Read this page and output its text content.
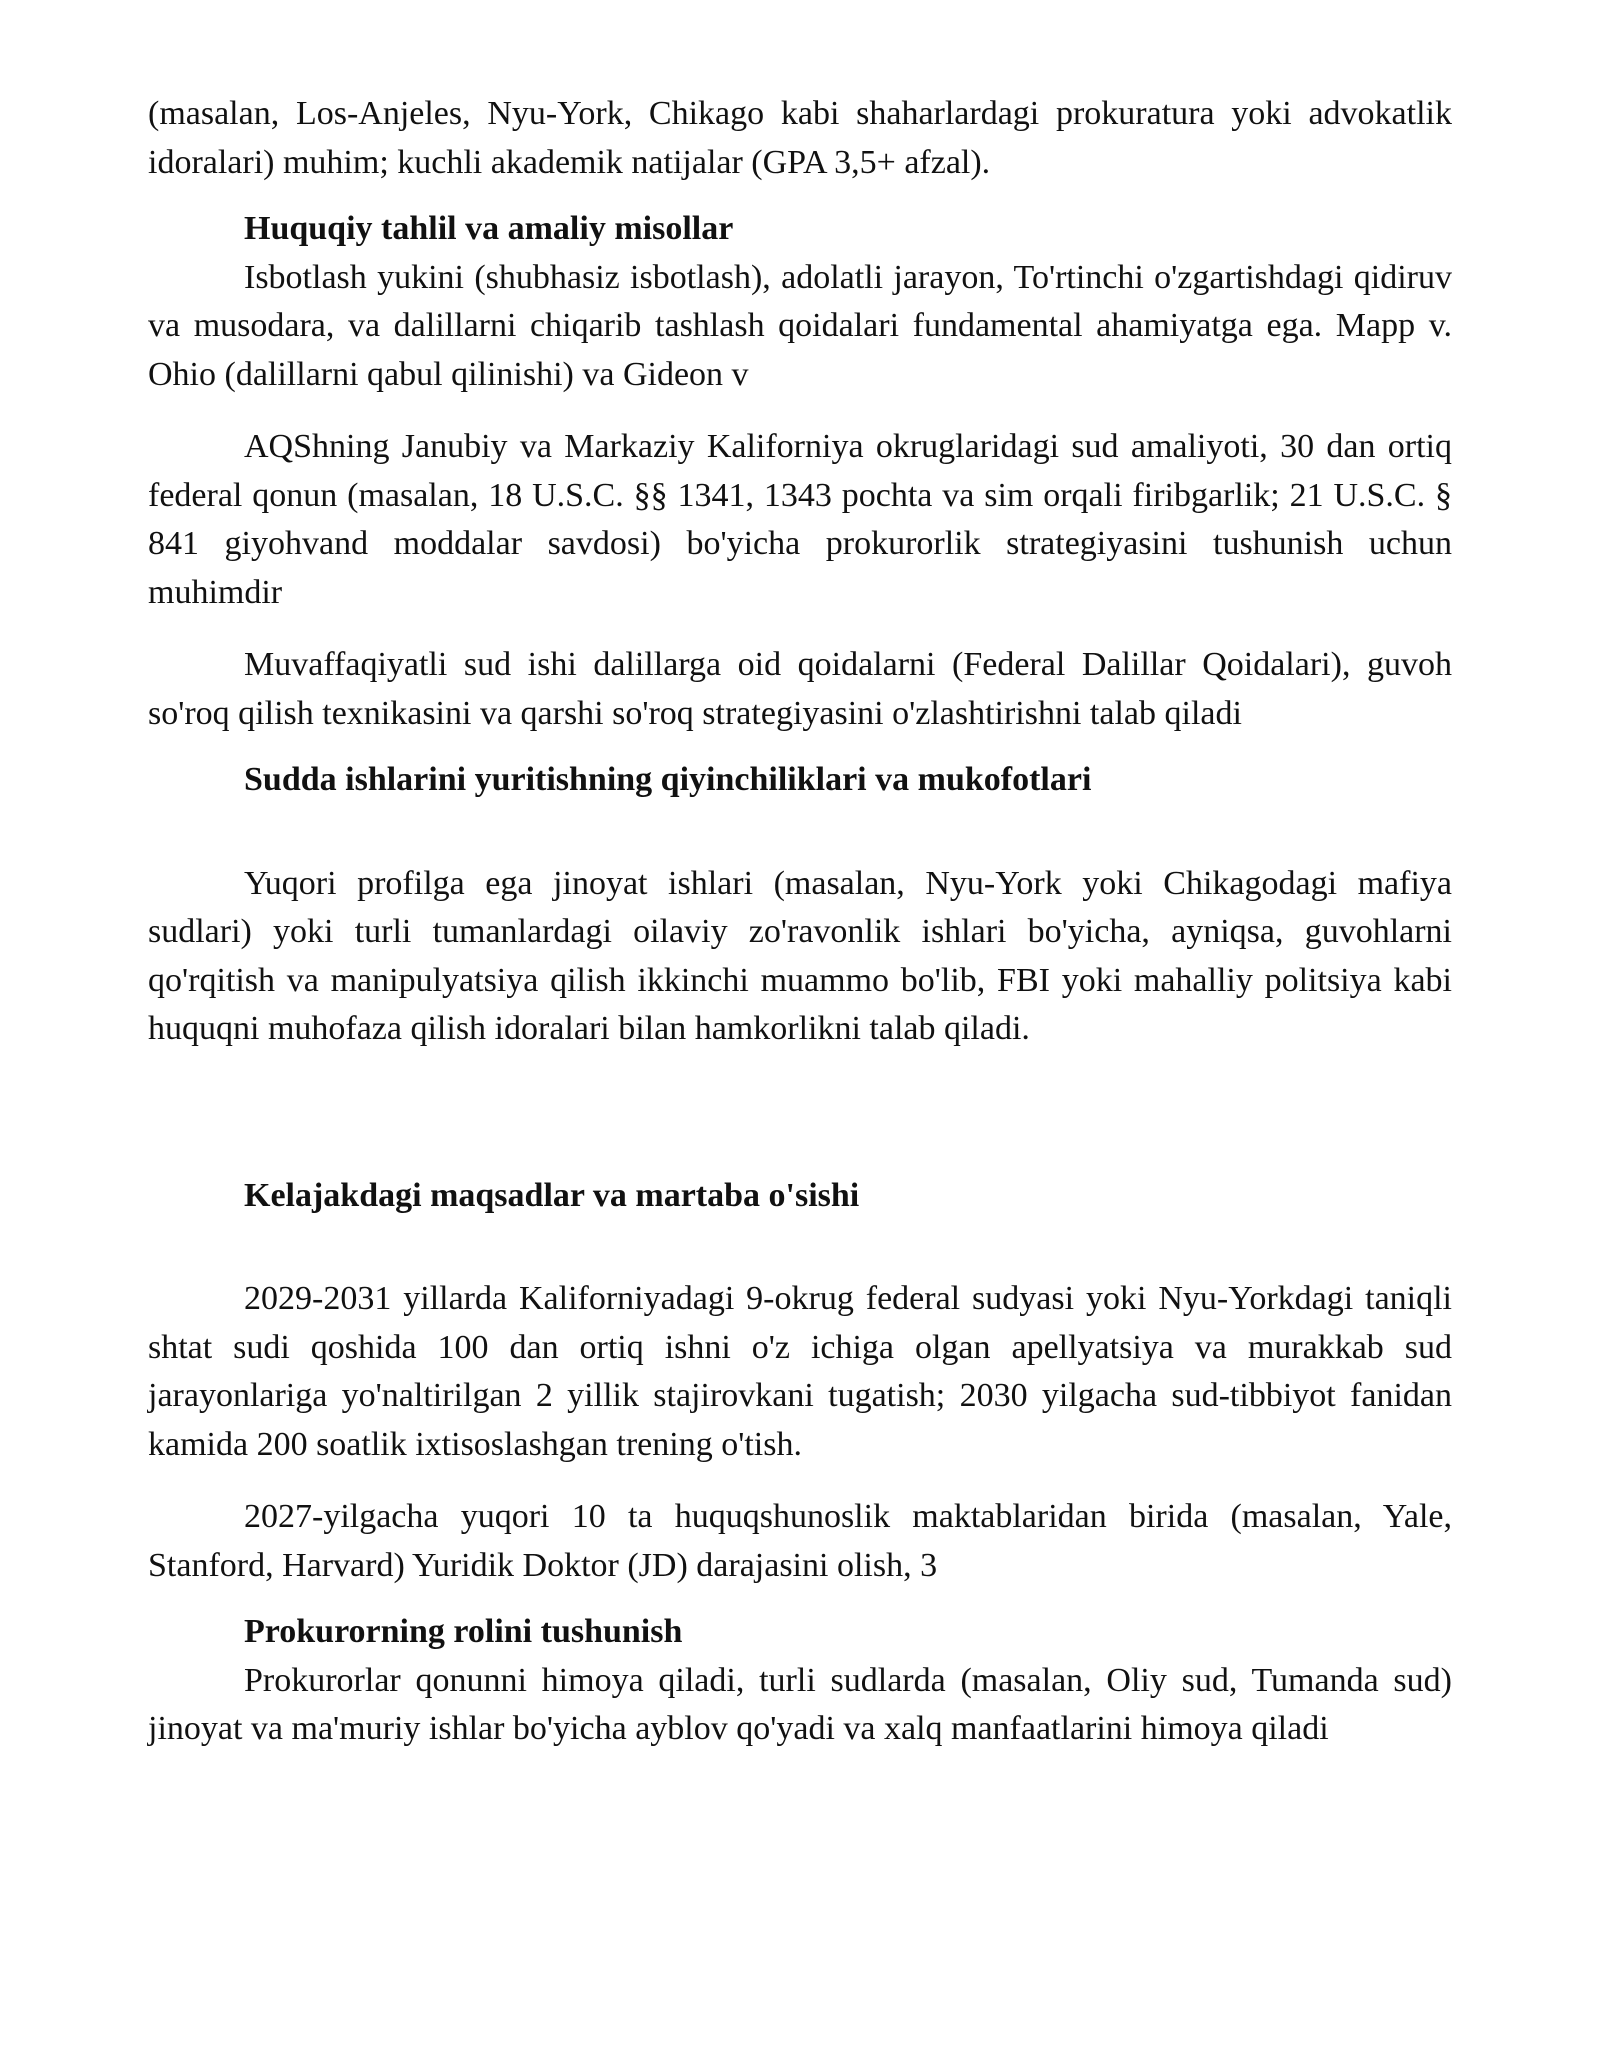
(masalan, Los-Anjeles, Nyu-York, Chikago kabi shaharlardagi prokuratura yoki advokatlik idoralari) muhim; kuchli akademik natijalar (GPA 3,5+ afzal).

Huquqiy tahlil va amaliy misollar

Isbotlash yukini (shubhasiz isbotlash), adolatli jarayon, To'rtinchi o'zgartishdagi qidiruv va musodara, va dalillarni chiqarib tashlash qoidalari fundamental ahamiyatga ega. Mapp v. Ohio (dalillarni qabul qilinishi) va Gideon v

AQShning Janubiy va Markaziy Kaliforniya okruglaridagi sud amaliyoti, 30 dan ortiq federal qonun (masalan, 18 U.S.C. §§ 1341, 1343 pochta va sim orqali firibgarlik; 21 U.S.C. § 841 giyohvand moddalar savdosi) bo'yicha prokurorlik strategiyasini tushunish uchun muhimdir

Muvaffaqiyatli sud ishi dalillarga oid qoidalarni (Federal Dalillar Qoidalari), guvoh so'roq qilish texnikasini va qarshi so'roq strategiyasini o'zlashtirishni talab qiladi

Sudda ishlarini yuritishning qiyinchiliklari va mukofotlari

Yuqori profilga ega jinoyat ishlari (masalan, Nyu-York yoki Chikagodagi mafiya sudlari) yoki turli tumanlardagi oilaviy zo'ravonlik ishlari bo'yicha, ayniqsa, guvohlarni qo'rqitish va manipulyatsiya qilish ikkinchi muammo bo'lib, FBI yoki mahalliy politsiya kabi huquqni muhofaza qilish idoralari bilan hamkorlikni talab qiladi.

Kelajakdagi maqsadlar va martaba o'sishi

2029-2031 yillarda Kaliforniyadagi 9-okrug federal sudyasi yoki Nyu-Yorkdagi taniqli shtat sudi qoshida 100 dan ortiq ishni o'z ichiga olgan apellyatsiya va murakkab sud jarayonlariga yo'naltirilgan 2 yillik stajirovkani tugatish; 2030 yilgacha sud-tibbiyot fanidan kamida 200 soatlik ixtisoslashgan trening o'tish.

2027-yilgacha yuqori 10 ta huquqshunoslik maktablaridan birida (masalan, Yale, Stanford, Harvard) Yuridik Doktor (JD) darajasini olish, 3

Prokurorning rolini tushunish

Prokurorlar qonunni himoya qiladi, turli sudlarda (masalan, Oliy sud, Tumanda sud) jinoyat va ma'muriy ishlar bo'yicha ayblov qo'yadi va xalq manfaatlarini himoya qiladi
